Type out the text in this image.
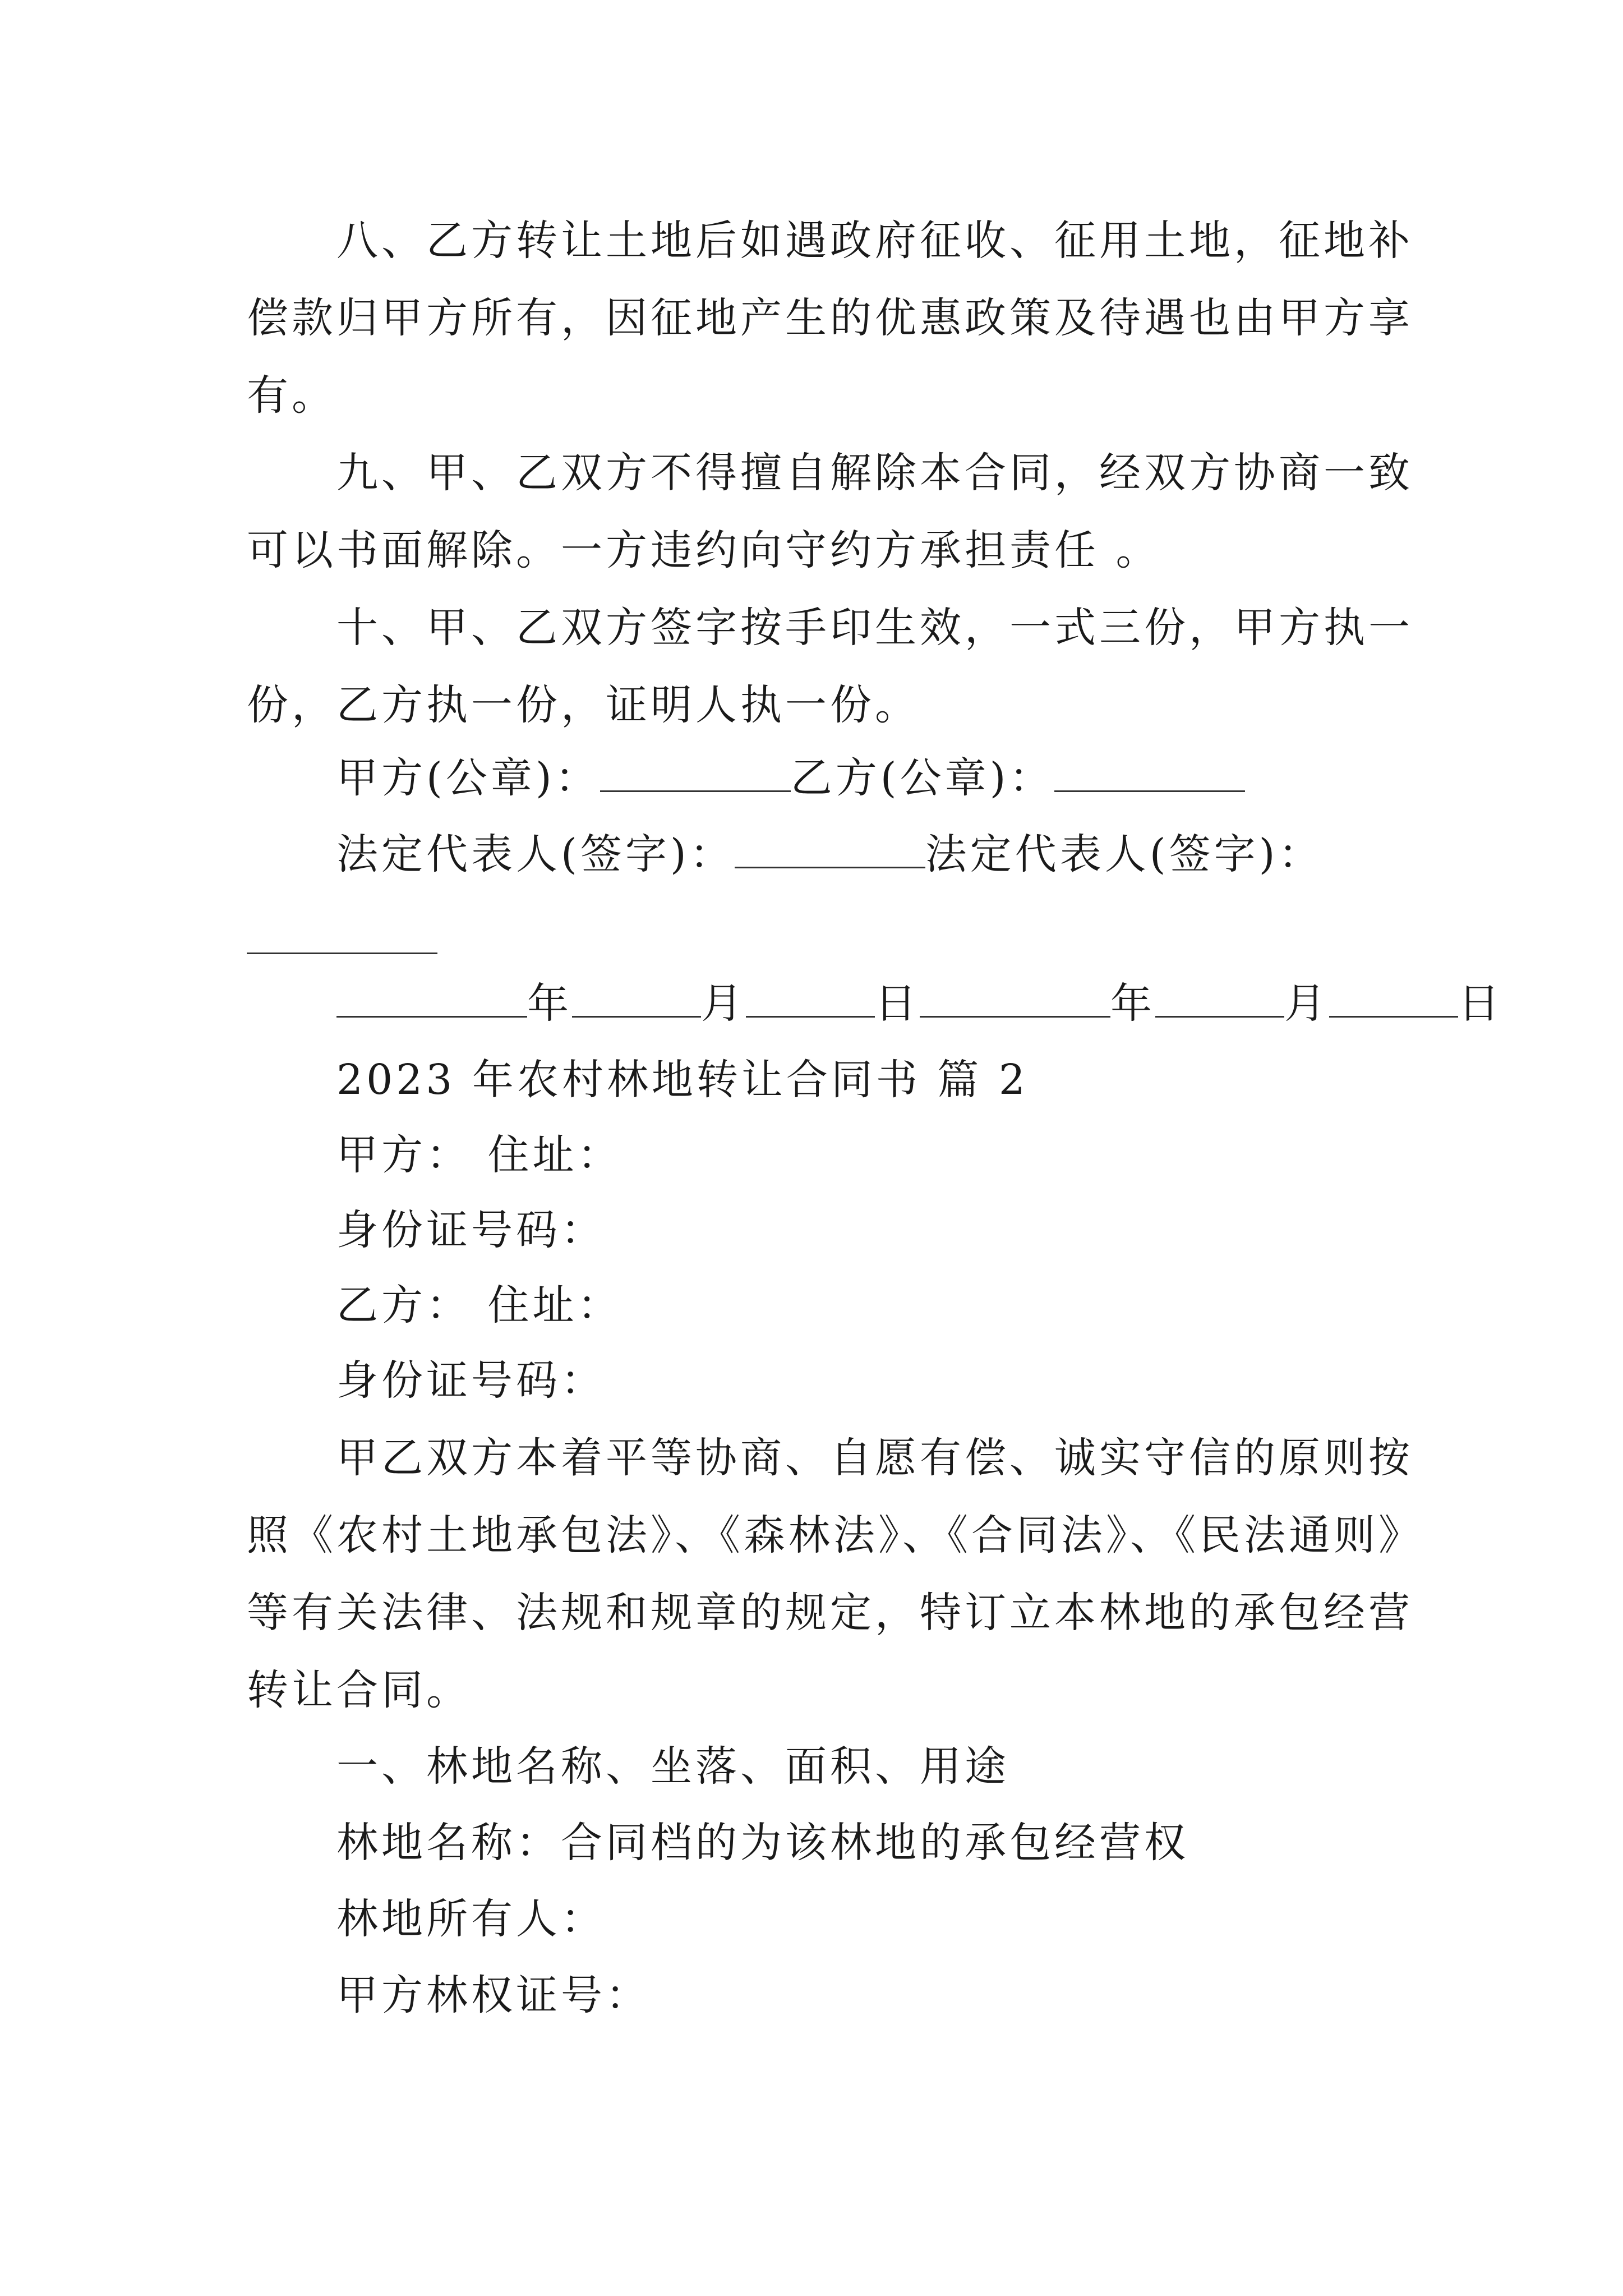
八、乙方转让土地后如遇政府征收、征用土地，征地补
偿款归甲方所有，因征地产生的优惠政策及待遇也由甲方享
有。
九、甲、乙双方不得擅自解除本合同，经双方协商一致
可以书面解除。一方违约向守约方承担责任 。
十、甲、乙双方签字按手印生效，一式三份，甲方执一
份，乙方执一份，证明人执一份。
甲方(公章)：	乙方(公章)：
法定代表人(签字)：	法定代表人(签字)：
年	月	日	年	月	日
2023 年农村林地转让合同书 篇 2
甲方： 住址：
身份证号码：
乙方： 住址：
身份证号码：
甲乙双方本着平等协商、自愿有偿、诚实守信的原则按
照《农村土地承包法》、《森林法》、《合同法》、《民法通则》
等有关法律、法规和规章的规定，特订立本林地的承包经营
转让合同。
一、林地名称、坐落、面积、用途
林地名称：合同档的为该林地的承包经营权
林地所有人：
甲方林权证号：
